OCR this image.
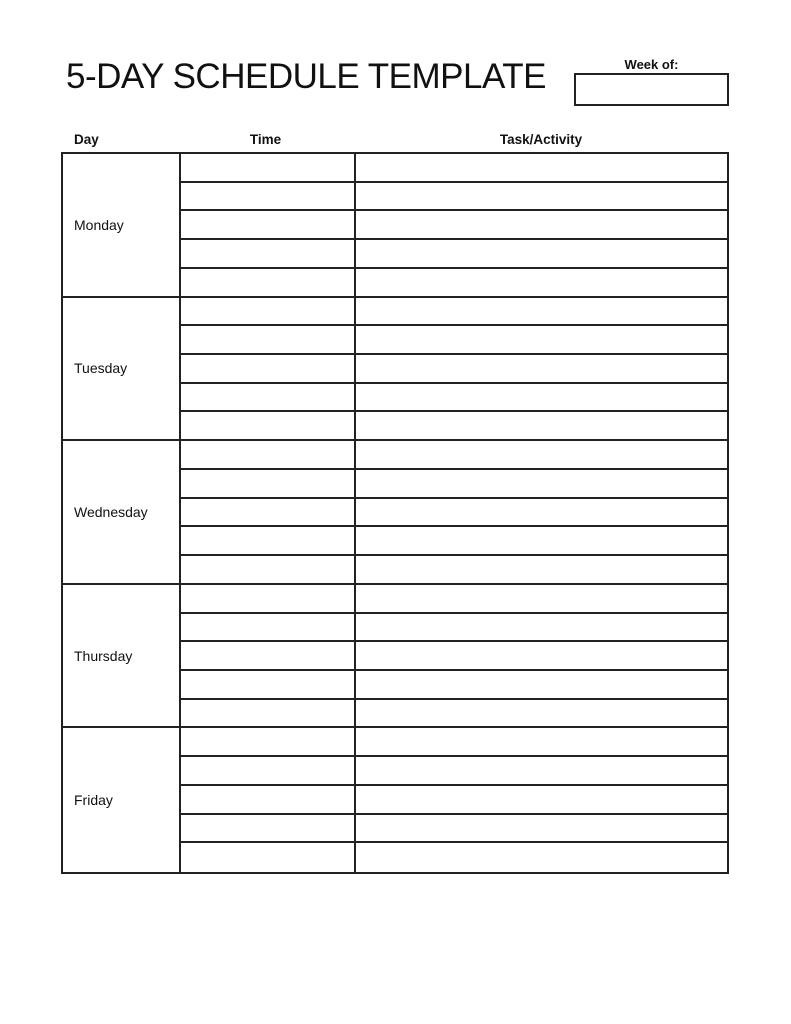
5-DAY SCHEDULE TEMPLATE	Week of:
Day	Time	Task/Activity
Monday
Tuesday
Wednesday
Thursday
Friday
